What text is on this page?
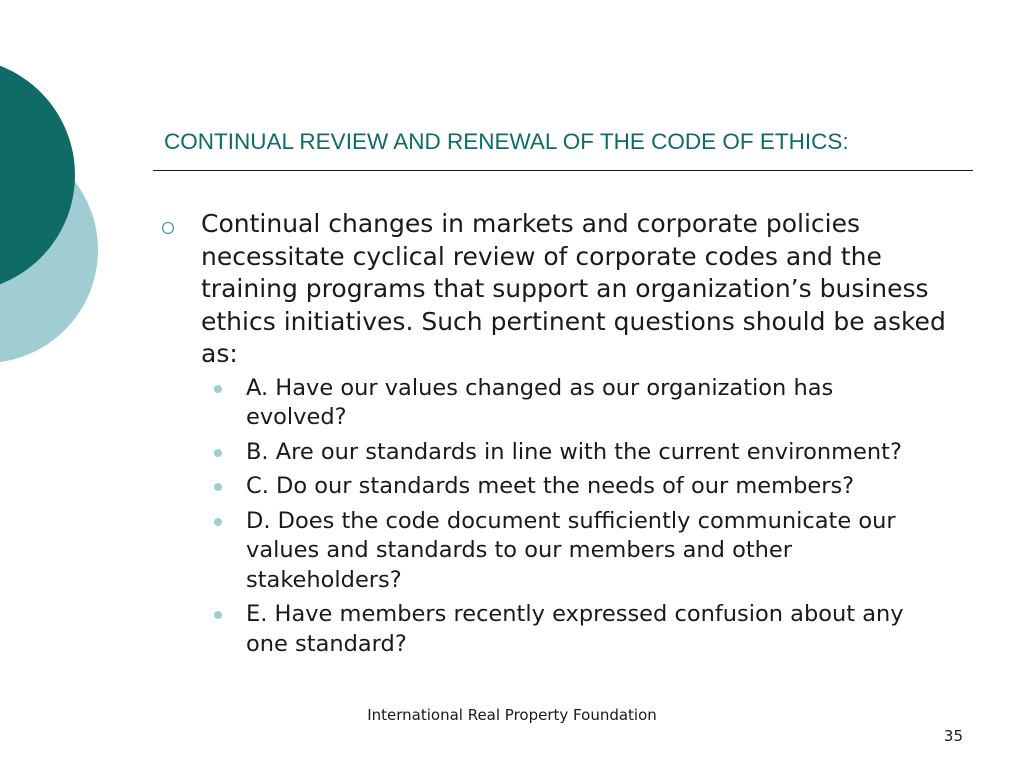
CONTINUAL REVIEW AND RENEWAL OF THE CODE OF ETHICS:

Continual changes in markets and corporate policies necessitate cyclical review of corporate codes and the training programs that support an organization’s business ethics initiatives. Such pertinent questions should be asked as:

A. Have our values changed as our organization has evolved?
B. Are our standards in line with the current environment?
C. Do our standards meet the needs of our members?
D. Does the code document sufficiently communicate our values and standards to our members and other stakeholders?
E. Have members recently expressed confusion about any one standard?
International Real Property Foundation
35
